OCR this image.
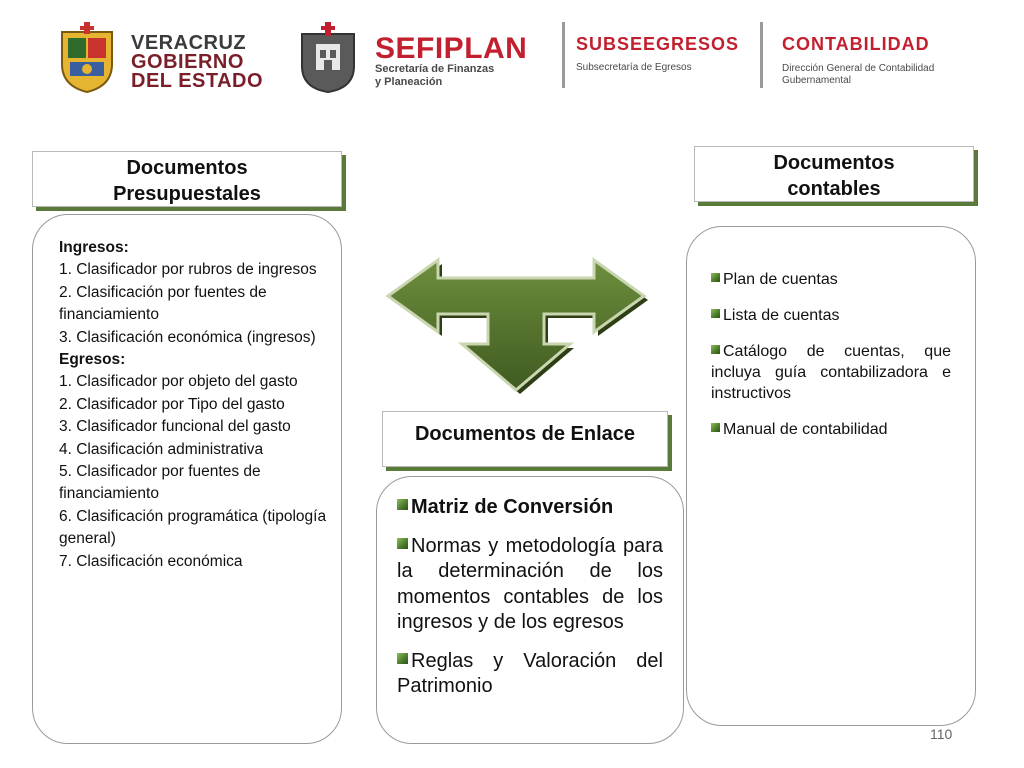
VERACRUZ
GOBIERNO
DEL ESTADO
SEFIPLAN
Secretaría de Finanzas
y Planeación
SUBSEEGRESOS
Subsecretaría de Egresos
CONTABILIDAD
Dirección General de Contabilidad
Gubernamental
Documentos
Presupuestales
Ingresos:
1. Clasificador por rubros de ingresos
2. Clasificación por fuentes de financiamiento
3. Clasificación económica (ingresos)
Egresos:
1. Clasificador por objeto del gasto
2. Clasificador por Tipo del gasto
3. Clasificador funcional del gasto
4. Clasificación administrativa
5. Clasificador por fuentes de financiamiento
6. Clasificación programática (tipología general)
7. Clasificación económica
Documentos de Enlace
Matriz de Conversión
Normas y metodología para la determinación de los momentos contables de los ingresos y de los egresos
Reglas y Valoración del Patrimonio
Documentos
contables
Plan de cuentas
Lista de cuentas
Catálogo de cuentas, que incluya guía contabilizadora e instructivos
Manual de contabilidad
110
